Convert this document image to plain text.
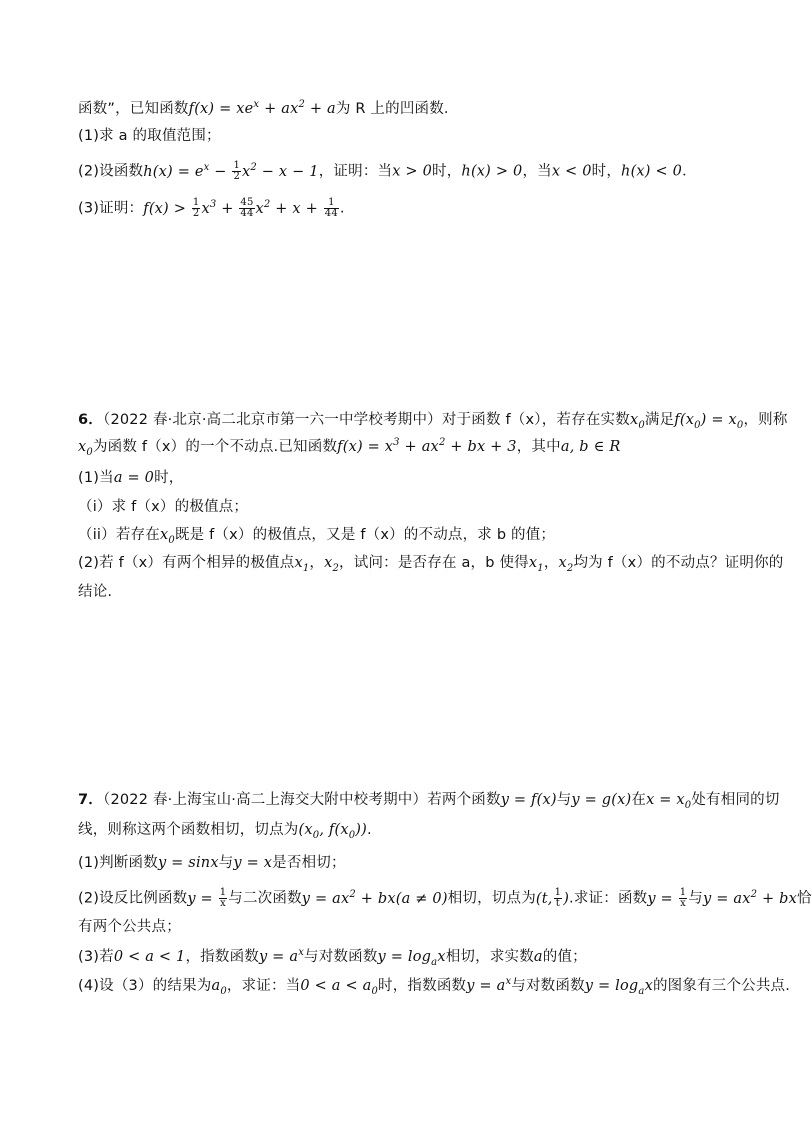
函数”，已知函数$f(x) = xe^x + ax^2 + a$为 R 上的凹函数．
(1)求 a 的取值范围；
(2)设函数$h(x) = e^x - \frac{1}{2} x^2 - x - 1$，证明：当x > 0时，h(x) > 0，当x < 0时，h(x) < 0．
(3)证明：$f(x) > \frac{1}{2} x^3 + \frac{45}{44} x^2 + x + \frac{1}{44}$ .
6．（2022 春·北京·高二北京市第一六一中学校考期中）对于函数 f（x），若存在实数$x_0$满足$f(x_0) = x_0$，则称
$x_0$为函数 f（x）的一个不动点.已知函数$f(x) = x^3 + ax^2$ + bx + 3，其中a, b ∈ R
(1)当a = 0时，
（i）求 f（x）的极值点；
（ii）若存在$x_0$既是 f（x）的极值点，又是 f（x）的不动点，求 b 的值；
(2)若 f（x）有两个相异的极值点$x_1$，$x_2$，试问：是否存在 a，b 使得$x_1$，$x_2$均为 f（x）的不动点？证明你的
结论.
7．（2022 春·上海宝山·高二上海交大附中校考期中）若两个函数y = f(x)与y = g(x)在$x = x_0$处有相同的切
线，则称这两个函数相切，切点为($x_0$, $f(x_0)$).
(1)判断函数y = sinx与y = x是否相切；
(2)设反比例函数$y = \frac{1}{x}$ 与二次函数$y = ax^2 + bx(a \ne 0)$相切，切点为(t, $\frac{1}{t}$ ).求证：函数$y = \frac{1}{x}$ 与$y = ax^2$ + bx恰
有两个公共点；
(3)若0 < a < 1，指数函数$y = a^x$与对数函数$y = \log_ax$相切，求实数a的值；
(4)设（3）的结果为$a_0$，求证：当$0 < a < a_0$时，指数函数$y = a^x$与对数函数$y = \log_ax$的图象有三个公共点.
